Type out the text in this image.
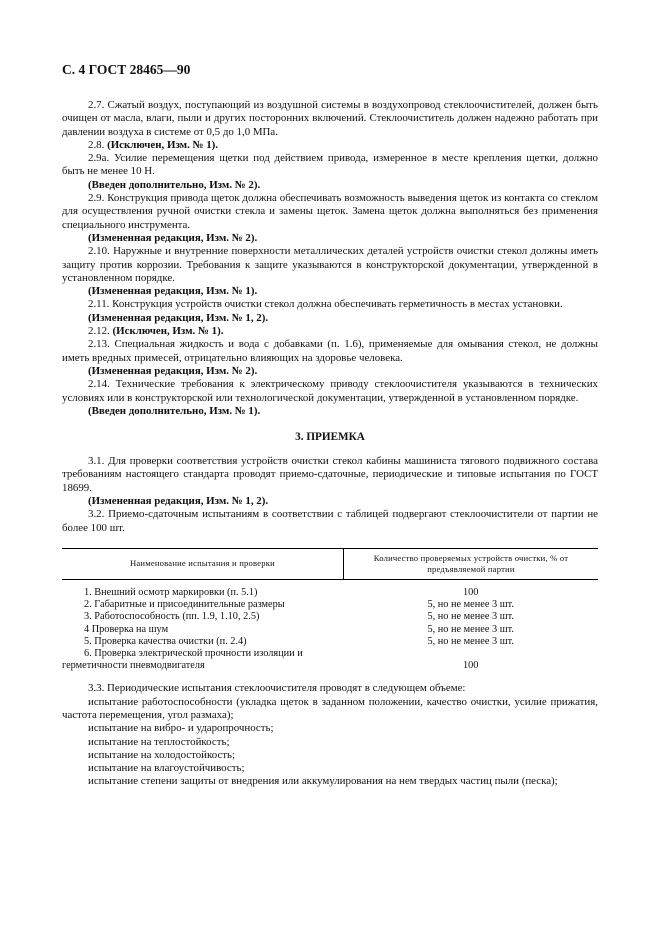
С. 4 ГОСТ 28465—90

2.7. Сжатый воздух, поступающий из воздушной системы в воздухопровод стеклоочистителей, должен быть очищен от масла, влаги, пыли и других посторонних включений. Стеклоочиститель должен надежно работать при давлении воздуха в системе от 0,5 до 1,0 МПа.

2.8. (Исключен, Изм. № 1).

2.9а. Усилие перемещения щетки под действием привода, измеренное в месте крепления щетки, должно быть не менее 10 Н.

(Введен дополнительно, Изм. № 2).

2.9. Конструкция привода щеток должна обеспечивать возможность выведения щеток из контакта со стеклом для осуществления ручной очистки стекла и замены щеток. Замена щеток должна выполняться без применения специального инструмента.

(Измененная редакция, Изм. № 2).

2.10. Наружные и внутренние поверхности металлических деталей устройств очистки стекол должны иметь защиту против коррозии. Требования к защите указываются в конструкторской документации, утвержденной в установленном порядке.

(Измененная редакция, Изм. № 1).

2.11. Конструкция устройств очистки стекол должна обеспечивать герметичность в местах установки.

(Измененная редакция, Изм. № 1, 2).

2.12. (Исключен, Изм. № 1).

2.13. Специальная жидкость и вода с добавками (п. 1.6), применяемые для омывания стекол, не должны иметь вредных примесей, отрицательно влияющих на здоровье человека.

(Измененная редакция, Изм. № 2).

2.14. Технические требования к электрическому приводу стеклоочистителя указываются в технических условиях или в конструкторской или технологической документации, утвержденной в установленном порядке.

(Введен дополнительно, Изм. № 1).

3. ПРИЕМКА

3.1. Для проверки соответствия устройств очистки стекол кабины машиниста тягового подвижного состава требованиям настоящего стандарта проводят приемо-сдаточные, периодические и типовые испытания по ГОСТ 18699.

(Измененная редакция, Изм. № 1, 2).

3.2. Приемо-сдаточным испытаниям в соответствии с таблицей подвергают стеклоочистители от партии не более 100 шт.

Наименование испытания и проверки	Количество проверяемых устройств очистки, % от предъявляемой партии
1. Внешний осмотр маркировки (п. 5.1)	100
2. Габаритные и присоединительные размеры	5, но не менее 3 шт.
3. Работоспособность (пп. 1.9, 1.10, 2.5)	5, но не менее 3 шт.
4 Проверка на шум	5, но не менее 3 шт.
5. Проверка качества очистки (п. 2.4)	5, но не менее 3 шт.
6. Проверка электрической прочности изоляции и герметичности пневмодвигателя	100

3.3. Периодические испытания стеклоочистителя проводят в следующем объеме:

испытание работоспособности (укладка щеток в заданном положении, качество очистки, усилие прижатия, частота перемещения, угол размаха);

испытание на вибро- и ударопрочность;

испытание на теплостойкость;

испытание на холодостойкость;

испытание на влагоустойчивость;

испытание степени защиты от внедрения или аккумулирования на нем твердых частиц пыли (песка);
